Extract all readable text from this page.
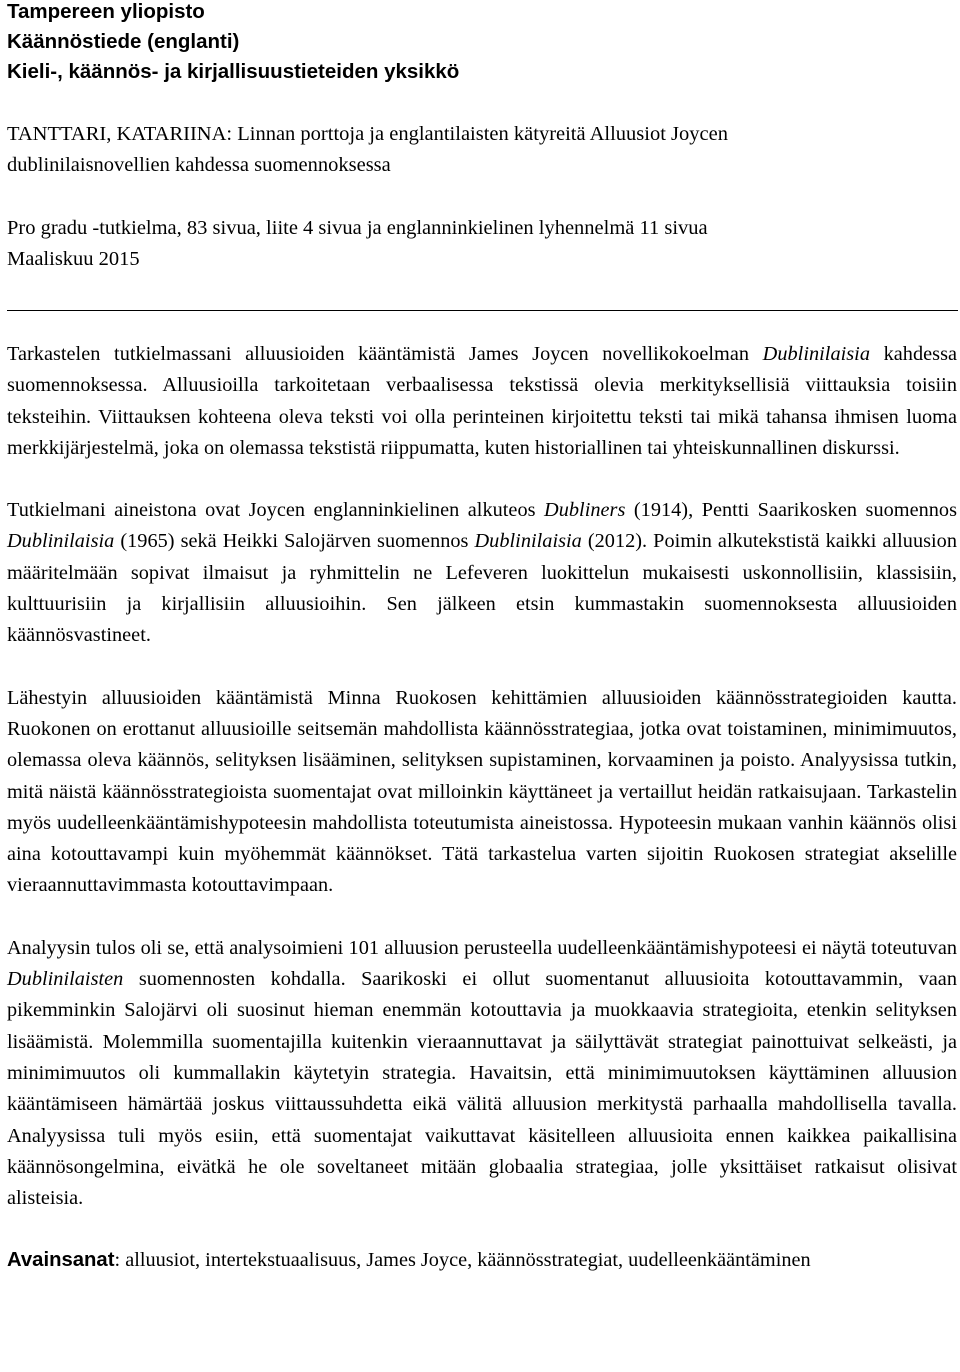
Tampereen yliopisto
Käännöstiede (englanti)
Kieli-, käännös- ja kirjallisuustieteiden yksikkö
TANTTARI, KATARIINA: Linnan porttoja ja englantilaisten kätyreitä Alluusiot Joycen
dublinilaisnovellien kahdessa suomennoksessa
Pro gradu -tutkielma, 83 sivua, liite 4 sivua ja englanninkielinen lyhennelmä 11 sivua
Maaliskuu 2015

Tarkastelen tutkielmassani alluusioiden kääntämistä James Joycen novellikokoelman Dublinilaisia kahdessa suomennoksessa. Alluusioilla tarkoitetaan verbaalisessa tekstissä olevia merkityksellisiä viittauksia toisiin teksteihin. Viittauksen kohteena oleva teksti voi olla perinteinen kirjoitettu teksti tai mikä tahansa ihmisen luoma merkkijärjestelmä, joka on olemassa tekstistä riippumatta, kuten historiallinen tai yhteiskunnallinen diskurssi.

Tutkielmani aineistona ovat Joycen englanninkielinen alkuteos Dubliners (1914), Pentti Saarikosken suomennos Dublinilaisia (1965) sekä Heikki Salojärven suomennos Dublinilaisia (2012). Poimin alkutekstistä kaikki alluusion määritelmään sopivat ilmaisut ja ryhmittelin ne Lefeveren luokittelun mukaisesti uskonnollisiin, klassisiin, kulttuurisiin ja kirjallisiin alluusioihin. Sen jälkeen etsin kummastakin suomennoksesta alluusioiden käännösvastineet.

Lähestyin alluusioiden kääntämistä Minna Ruokosen kehittämien alluusioiden käännösstrategioiden kautta. Ruokonen on erottanut alluusioille seitsemän mahdollista käännösstrategiaa, jotka ovat toistaminen, minimimuutos, olemassa oleva käännös, selityksen lisääminen, selityksen supistaminen, korvaaminen ja poisto. Analyysissa tutkin, mitä näistä käännösstrategioista suomentajat ovat milloinkin käyttäneet ja vertaillut heidän ratkaisujaan. Tarkastelin myös uudelleenkääntämishypoteesin mahdollista toteutumista aineistossa. Hypoteesin mukaan vanhin käännös olisi aina kotouttavampi kuin myöhemmät käännökset. Tätä tarkastelua varten sijoitin Ruokosen strategiat akselille vieraannuttavimmasta kotouttavimpaan.

Analyysin tulos oli se, että analysoimieni 101 alluusion perusteella uudelleenkääntämishypoteesi ei näytä toteutuvan Dublinilaisten suomennosten kohdalla. Saarikoski ei ollut suomentanut alluusioita kotouttavammin, vaan pikemminkin Salojärvi oli suosinut hieman enemmän kotouttavia ja muokkaavia strategioita, etenkin selityksen lisäämistä. Molemmilla suomentajilla kuitenkin vieraannuttavat ja säilyttävät strategiat painottuivat selkeästi, ja minimimuutos oli kummallakin käytetyin strategia. Havaitsin, että minimimuutoksen käyttäminen alluusion kääntämiseen hämärtää joskus viittaussuhdetta eikä välitä alluusion merkitystä parhaalla mahdollisella tavalla. Analyysissa tuli myös esiin, että suomentajat vaikuttavat käsitelleen alluusioita ennen kaikkea paikallisina käännösongelmina, eivätkä he ole soveltaneet mitään globaalia strategiaa, jolle yksittäiset ratkaisut olisivat alisteisia.

Avainsanat: alluusiot, intertekstuaalisuus, James Joyce, käännösstrategiat, uudelleenkääntäminen
